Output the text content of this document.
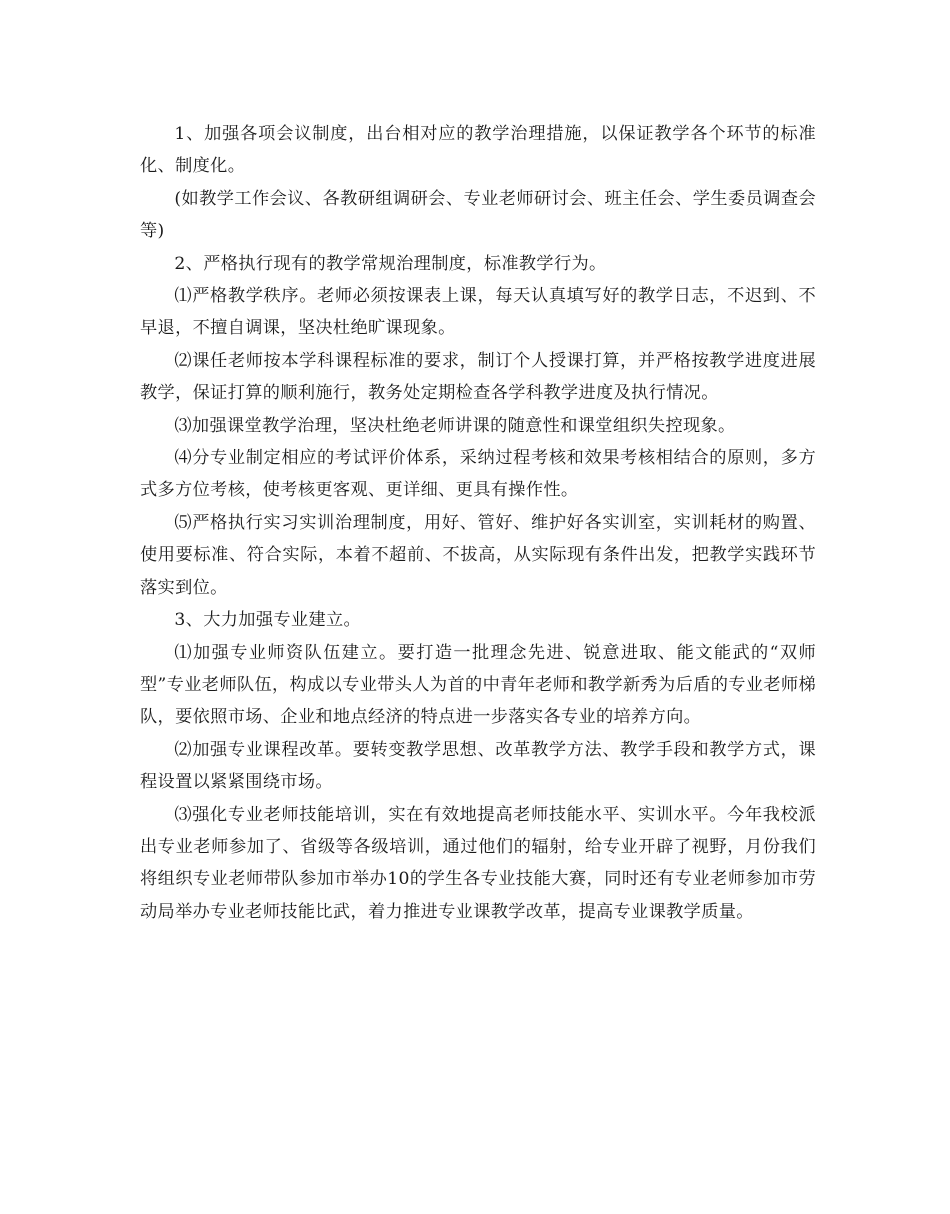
1、加强各项会议制度，出台相对应的教学治理措施，以保证教学各个环节的标准化、制度化。

(如教学工作会议、各教研组调研会、专业老师研讨会、班主任会、学生委员调查会等)

2、严格执行现有的教学常规治理制度，标准教学行为。

⑴严格教学秩序。老师必须按课表上课，每天认真填写好的教学日志，不迟到、不早退，不擅自调课，坚决杜绝旷课现象。

⑵课任老师按本学科课程标准的要求，制订个人授课打算，并严格按教学进度进展教学，保证打算的顺利施行，教务处定期检查各学科教学进度及执行情况。

⑶加强课堂教学治理，坚决杜绝老师讲课的随意性和课堂组织失控现象。

⑷分专业制定相应的考试评价体系，采纳过程考核和效果考核相结合的原则，多方式多方位考核，使考核更客观、更详细、更具有操作性。

⑸严格执行实习实训治理制度，用好、管好、维护好各实训室，实训耗材的购置、使用要标准、符合实际，本着不超前、不拔高，从实际现有条件出发，把教学实践环节落实到位。

3、大力加强专业建立。

⑴加强专业师资队伍建立。要打造一批理念先进、锐意进取、能文能武的“双师型”专业老师队伍，构成以专业带头人为首的中青年老师和教学新秀为后盾的专业老师梯队，要依照市场、企业和地点经济的特点进一步落实各专业的培养方向。

⑵加强专业课程改革。要转变教学思想、改革教学方法、教学手段和教学方式，课程设置以紧紧围绕市场。

⑶强化专业老师技能培训，实在有效地提高老师技能水平、实训水平。今年我校派出专业老师参加了、省级等各级培训，通过他们的辐射，给专业开辟了视野，月份我们将组织专业老师带队参加市举办10的学生各专业技能大赛，同时还有专业老师参加市劳动局举办专业老师技能比武，着力推进专业课教学改革，提高专业课教学质量。
